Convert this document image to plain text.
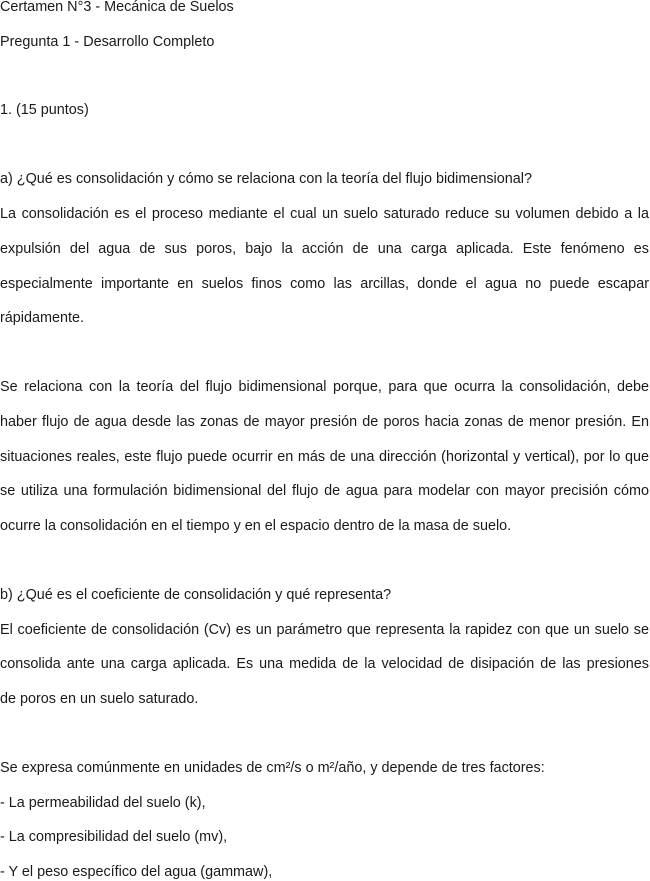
Certamen N°3 - Mecánica de Suelos
Pregunta 1 - Desarrollo Completo
1. (15 puntos)
a) ¿Qué es consolidación y cómo se relaciona con la teoría del flujo bidimensional?
La consolidación es el proceso mediante el cual un suelo saturado reduce su volumen debido a la
expulsión del agua de sus poros, bajo la acción de una carga aplicada. Este fenómeno es
especialmente importante en suelos finos como las arcillas, donde el agua no puede escapar
rápidamente.
Se relaciona con la teoría del flujo bidimensional porque, para que ocurra la consolidación, debe
haber flujo de agua desde las zonas de mayor presión de poros hacia zonas de menor presión. En
situaciones reales, este flujo puede ocurrir en más de una dirección (horizontal y vertical), por lo que
se utiliza una formulación bidimensional del flujo de agua para modelar con mayor precisión cómo
ocurre la consolidación en el tiempo y en el espacio dentro de la masa de suelo.
b) ¿Qué es el coeficiente de consolidación y qué representa?
El coeficiente de consolidación (Cv) es un parámetro que representa la rapidez con que un suelo se
consolida ante una carga aplicada. Es una medida de la velocidad de disipación de las presiones
de poros en un suelo saturado.
Se expresa comúnmente en unidades de cm²/s o m²/año, y depende de tres factores:
- La permeabilidad del suelo (k),
- La compresibilidad del suelo (mv),
- Y el peso específico del agua (gammaw),
